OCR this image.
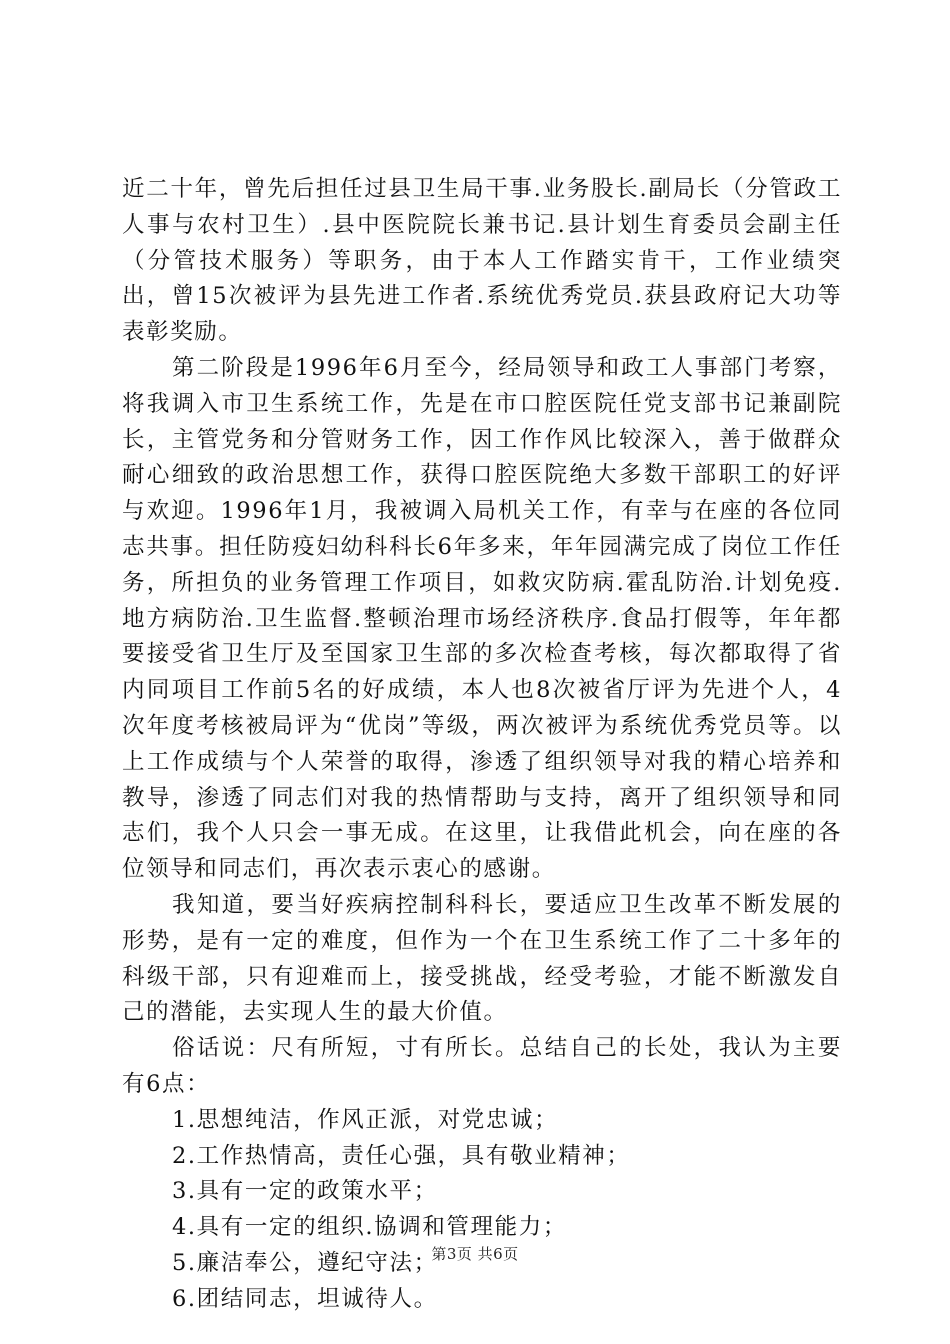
近二十年，曾先后担任过县卫生局干事.业务股长.副局长（分管政工人事与农村卫生）.县中医院院长兼书记.县计划生育委员会副主任（分管技术服务）等职务，由于本人工作踏实肯干，工作业绩突出，曾15次被评为县先进工作者.系统优秀党员.获县政府记大功等表彰奖励。

第二阶段是1996年6月至今，经局领导和政工人事部门考察，将我调入市卫生系统工作，先是在市口腔医院任党支部书记兼副院长，主管党务和分管财务工作，因工作作风比较深入，善于做群众耐心细致的政治思想工作，获得口腔医院绝大多数干部职工的好评与欢迎。1996年1月，我被调入局机关工作，有幸与在座的各位同志共事。担任防疫妇幼科科长6年多来，年年园满完成了岗位工作任务，所担负的业务管理工作项目，如救灾防病.霍乱防治.计划免疫.地方病防治.卫生监督.整顿治理市场经济秩序.食品打假等，年年都要接受省卫生厅及至国家卫生部的多次检查考核，每次都取得了省内同项目工作前5名的好成绩，本人也8次被省厅评为先进个人，4次年度考核被局评为“优岗”等级，两次被评为系统优秀党员等。以上工作成绩与个人荣誉的取得，渗透了组织领导对我的精心培养和教导，渗透了同志们对我的热情帮助与支持，离开了组织领导和同志们，我个人只会一事无成。在这里，让我借此机会，向在座的各位领导和同志们，再次表示衷心的感谢。

我知道，要当好疾病控制科科长，要适应卫生改革不断发展的形势，是有一定的难度，但作为一个在卫生系统工作了二十多年的科级干部，只有迎难而上，接受挑战，经受考验，才能不断激发自己的潜能，去实现人生的最大价值。

俗话说：尺有所短，寸有所长。总结自己的长处，我认为主要有6点：

1.思想纯洁，作风正派，对党忠诚；

2.工作热情高，责任心强，具有敬业精神；

3.具有一定的政策水平；

4.具有一定的组织.協调和管理能力；

5.廉洁奉公，遵纪守法；

6.团结同志，坦诚待人。

第3页 共6页
